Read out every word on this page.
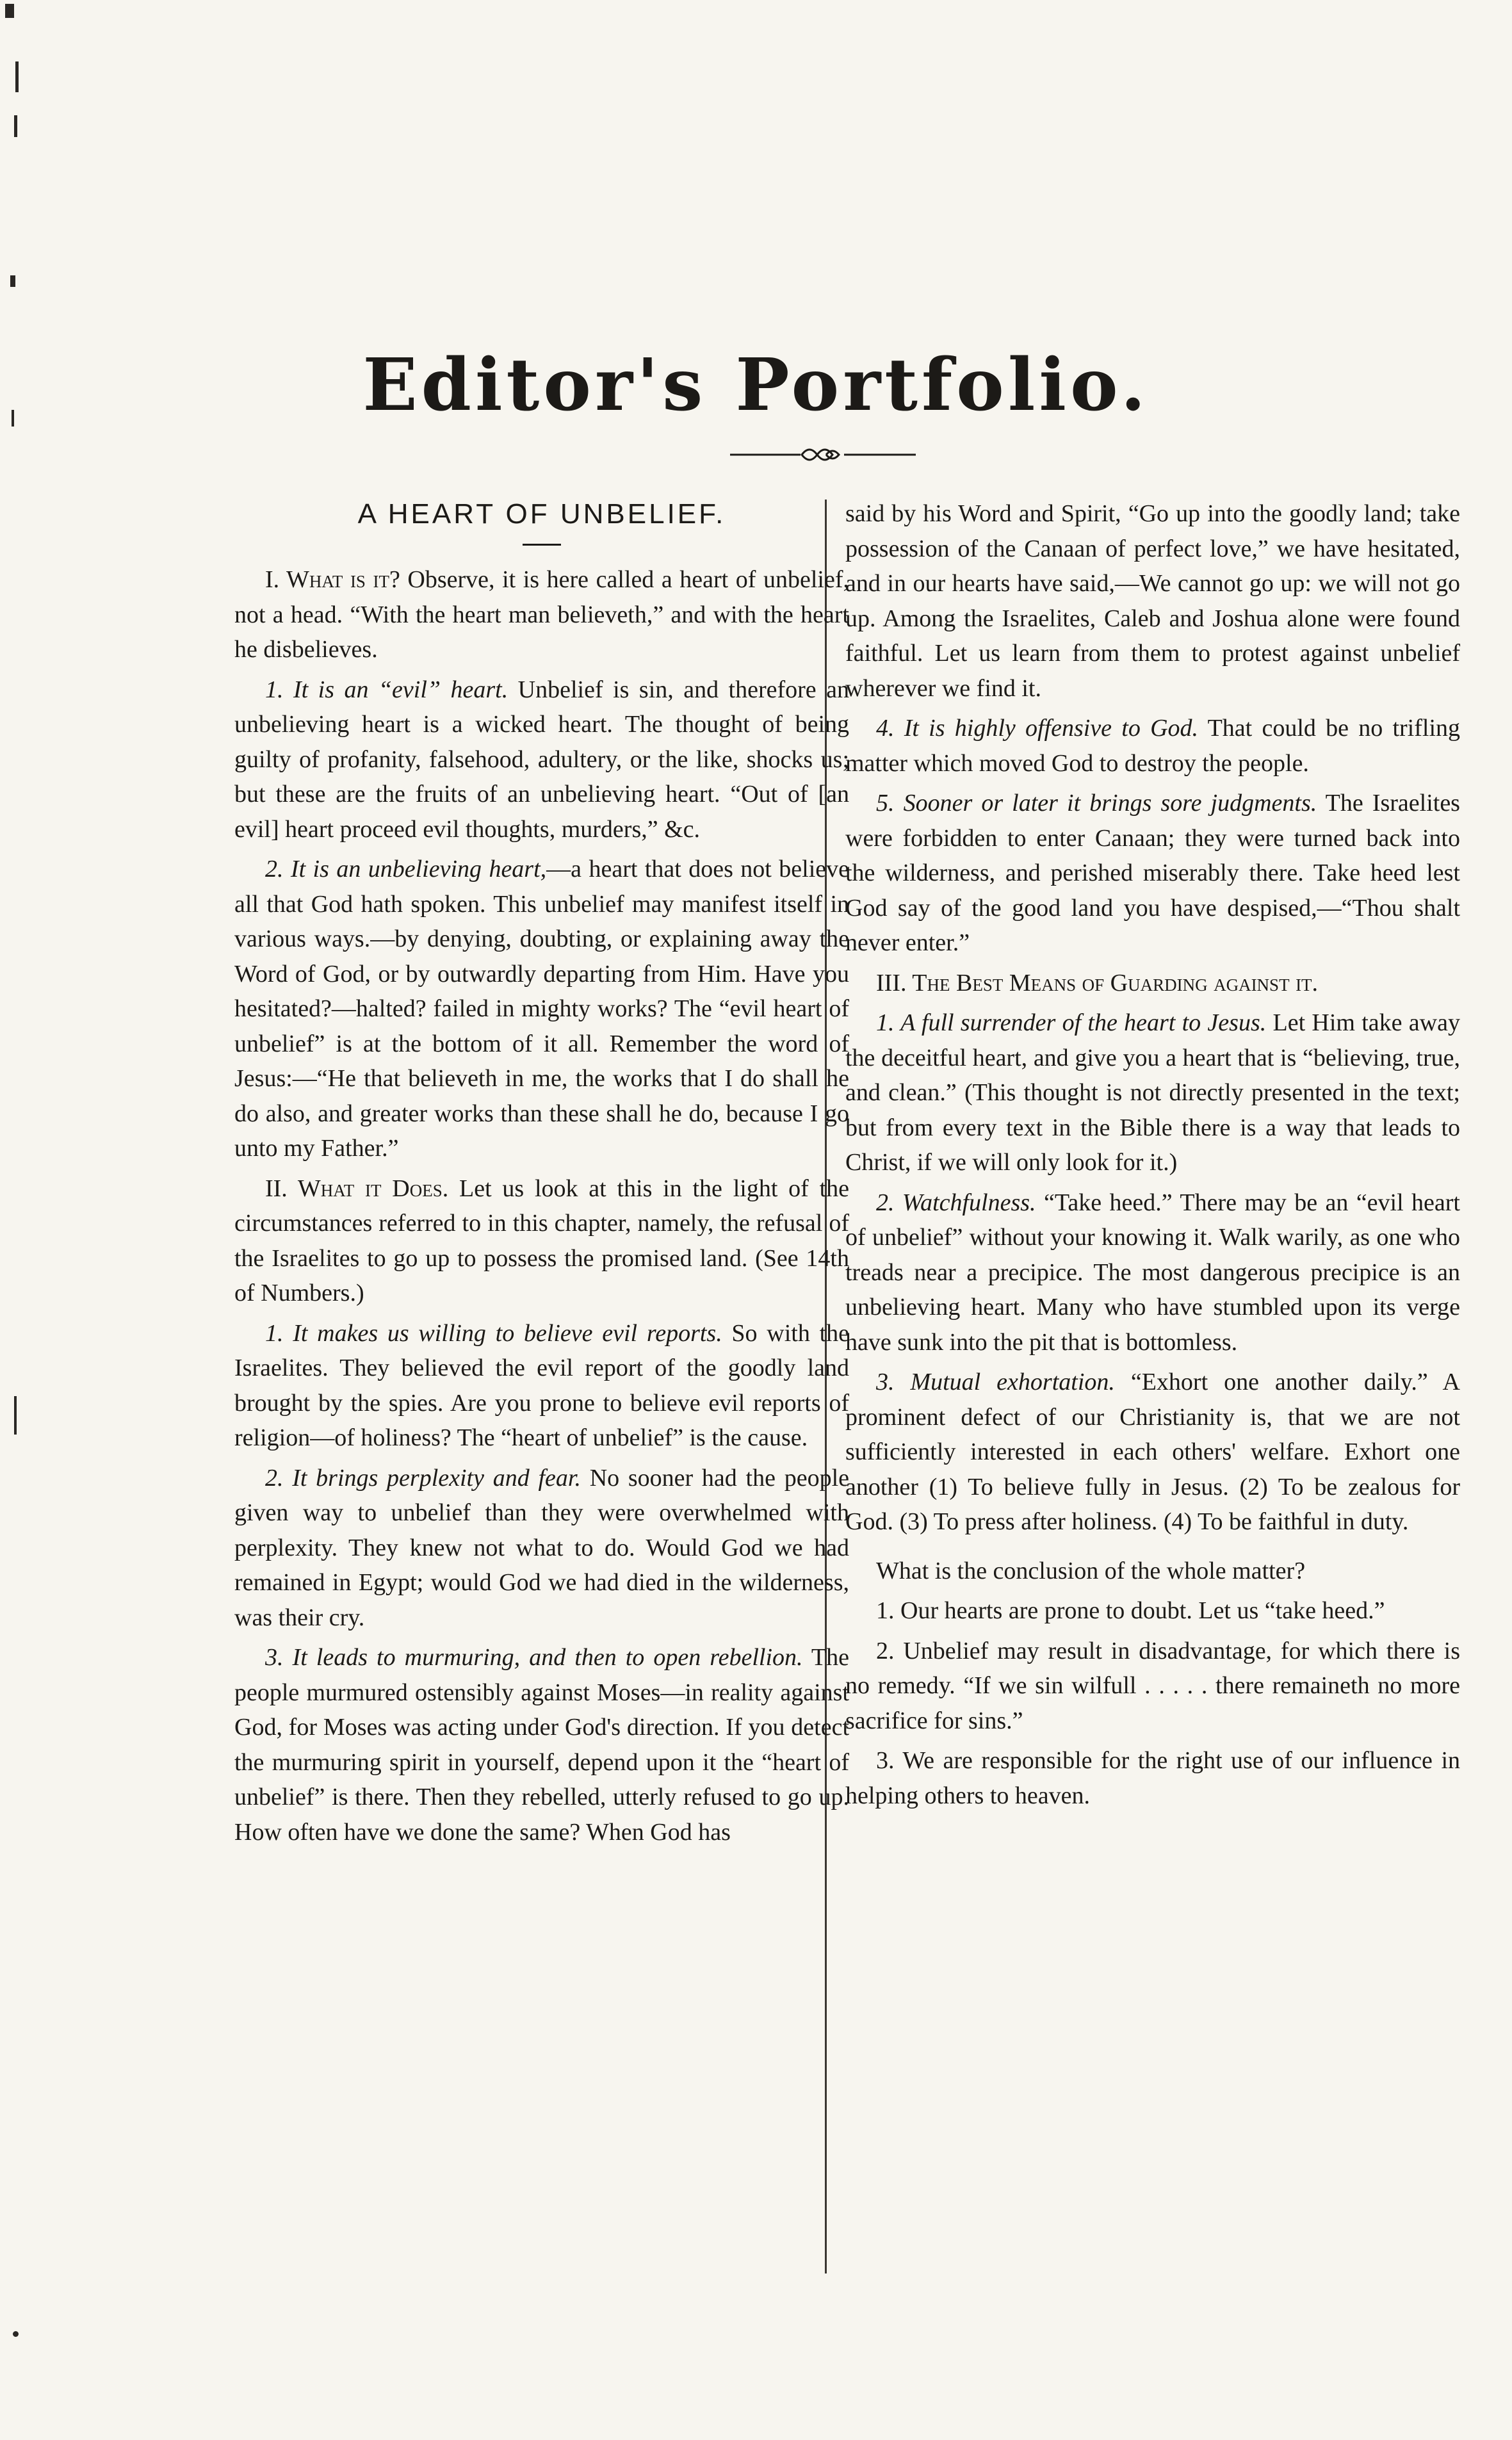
Editor's Portfolio.
A HEART OF UNBELIEF.

I. What is it? Observe, it is here called a heart of unbelief, not a head. “With the heart man believeth,” and with the heart he disbelieves.

1. It is an “evil” heart. Unbelief is sin, and therefore an unbelieving heart is a wicked heart. The thought of being guilty of profanity, falsehood, adultery, or the like, shocks us; but these are the fruits of an unbelieving heart. “Out of [an evil] heart proceed evil thoughts, murders,” &c.

2. It is an unbelieving heart,—a heart that does not believe all that God hath spoken. This unbelief may manifest itself in various ways.—by denying, doubting, or explaining away the Word of God, or by outwardly departing from Him. Have you hesitated?—halted? failed in mighty works? The “evil heart of unbelief” is at the bottom of it all. Remember the word of Jesus:—“He that believeth in me, the works that I do shall he do also, and greater works than these shall he do, because I go unto my Father.”

II. What it Does. Let us look at this in the light of the circumstances referred to in this chapter, namely, the refusal of the Israelites to go up to possess the promised land. (See 14th of Numbers.)

1. It makes us willing to believe evil reports. So with the Israelites. They believed the evil report of the goodly land brought by the spies. Are you prone to believe evil reports of religion—of holiness? The “heart of unbelief” is the cause.

2. It brings perplexity and fear. No sooner had the people given way to unbelief than they were overwhelmed with perplexity. They knew not what to do. Would God we had remained in Egypt; would God we had died in the wilderness, was their cry.

3. It leads to murmuring, and then to open rebellion. The people murmured ostensibly against Moses—in reality against God, for Moses was acting under God's direction. If you detect the murmuring spirit in yourself, depend upon it the “heart of unbelief” is there. Then they rebelled, utterly refused to go up. How often have we done the same? When God has

said by his Word and Spirit, “Go up into the goodly land; take possession of the Canaan of perfect love,” we have hesitated, and in our hearts have said,—We cannot go up: we will not go up. Among the Israelites, Caleb and Joshua alone were found faithful. Let us learn from them to protest against unbelief wherever we find it.

4. It is highly offensive to God. That could be no trifling matter which moved God to destroy the people.

5. Sooner or later it brings sore judgments. The Israelites were forbidden to enter Canaan; they were turned back into the wilderness, and perished miserably there. Take heed lest God say of the good land you have despised,—“Thou shalt never enter.”

III. The Best Means of Guarding against it.

1. A full surrender of the heart to Jesus. Let Him take away the deceitful heart, and give you a heart that is “believing, true, and clean.” (This thought is not directly presented in the text; but from every text in the Bible there is a way that leads to Christ, if we will only look for it.)

2. Watchfulness. “Take heed.” There may be an “evil heart of unbelief” without your knowing it. Walk warily, as one who treads near a precipice. The most dangerous precipice is an unbelieving heart. Many who have stumbled upon its verge have sunk into the pit that is bottomless.

3. Mutual exhortation. “Exhort one another daily.” A prominent defect of our Christianity is, that we are not sufficiently interested in each others' welfare. Exhort one another (1) To believe fully in Jesus. (2) To be zealous for God. (3) To press after holiness. (4) To be faithful in duty.

What is the conclusion of the whole matter?

1. Our hearts are prone to doubt. Let us “take heed.”

2. Unbelief may result in disadvantage, for which there is no remedy. “If we sin wilfull . . . . . there remaineth no more sacrifice for sins.”

3. We are responsible for the right use of our influence in helping others to heaven.
